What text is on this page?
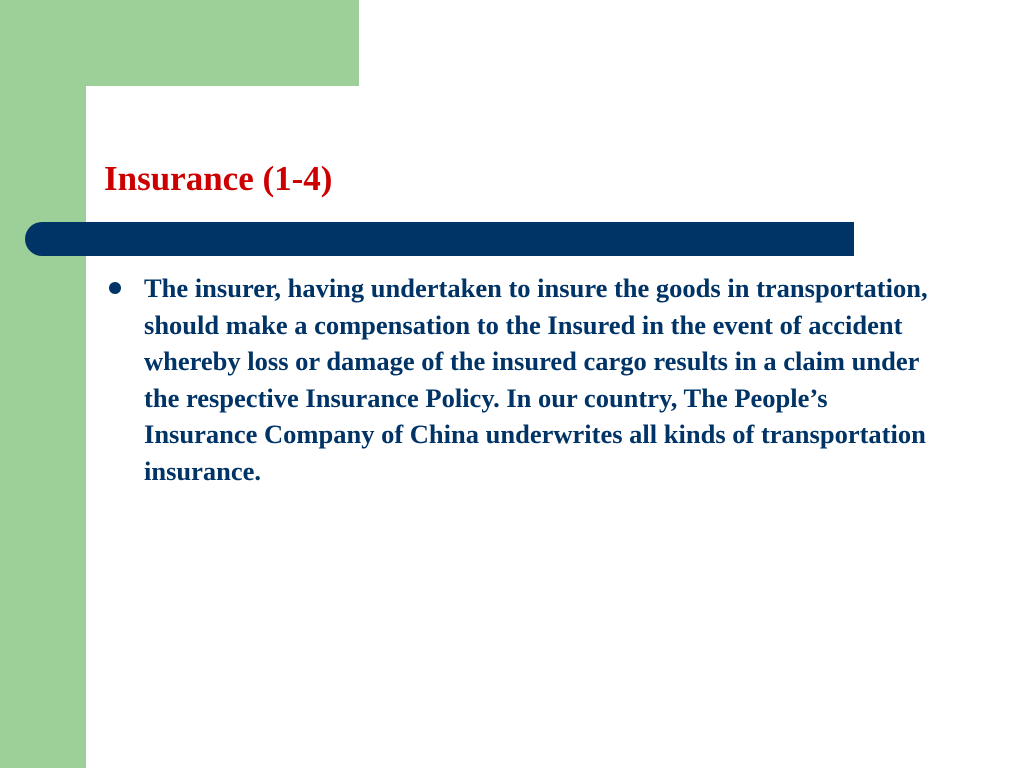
Insurance (1-4)
The insurer, having undertaken to insure the goods in transportation, should make a compensation to the Insured in the event of accident whereby loss or damage of the insured cargo results in a claim under the respective Insurance Policy. In our country, The People’s Insurance Company of China underwrites all kinds of transportation insurance.
